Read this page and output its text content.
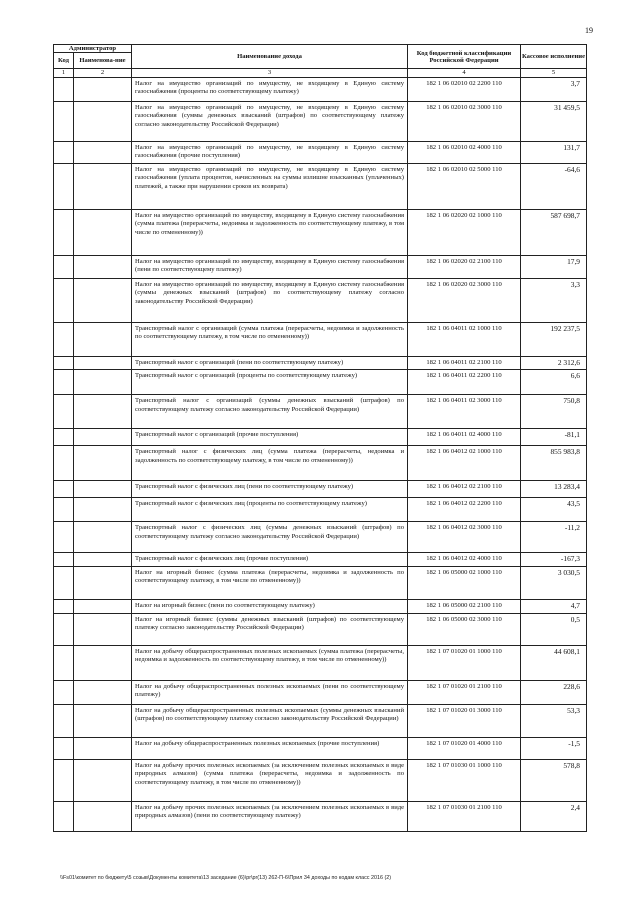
19
Администратор		Наименование дохода	Код бюджетной классификации Российской Федерации	Кассовое исполнение
Код	Наименова-ние			
1	2	3	4	5
		Налог на имущество организаций по имуществу, не входящему в Единую систему газоснабжения (проценты по соответствующему платежу)	182 1 06 02010 02 2200 110	3,7
		Налог на имущество организаций по имуществу, не входящему в Единую систему газоснабжения (суммы денежных взысканий (штрафов) по соответствующему платежу согласно законодательству Российской Федерации)	182 1 06 02010 02 3000 110	31 459,5
		Налог на имущество организаций по имуществу, не входящему в Единую систему газоснабжения (прочие поступления)	182 1 06 02010 02 4000 110	131,7
		Налог на имущество организаций по имуществу, не входящему в Единую систему газоснабжения (уплата процентов, начисленных на суммы излишне взысканных (уплаченных) платежей, а также при нарушении сроков их возврата)	182 1 06 02010 02 5000 110	-64,6
		Налог на имущество организаций по имуществу, входящему в Единую систему газоснабжения (сумма платежа (перерасчеты, недоимка и задолженность по соответствующему платежу, в том числе по отмененному))	182 1 06 02020 02 1000 110	587 698,7
		Налог на имущество организаций по имуществу, входящему в Единую систему газоснабжения (пени по соответствующему платежу)	182 1 06 02020 02 2100 110	17,9
		Налог на имущество организаций по имуществу, входящему в Единую систему газоснабжения (суммы денежных взысканий (штрафов) по соответствующему платежу согласно законодательству Российской Федерации)	182 1 06 02020 02 3000 110	3,3
		Транспортный налог с организаций (сумма платежа (перерасчеты, недоимка и задолженность по соответствующему платежу, в том числе по отмененному))	182 1 06 04011 02 1000 110	192 237,5
		Транспортный налог с организаций (пени по соответствующему платежу)	182 1 06 04011 02 2100 110	2 312,6
		Транспортный налог с организаций (проценты по соответствующему платежу)	182 1 06 04011 02 2200 110	6,6
		Транспортный налог с организаций (суммы денежных взысканий (штрафов) по соответствующему платежу согласно законодательству Российской Федерации)	182 1 06 04011 02 3000 110	750,8
		Транспортный налог с организаций (прочие поступления)	182 1 06 04011 02 4000 110	-81,1
		Транспортный налог с физических лиц (сумма платежа (перерасчеты, недоимка и задолженность по соответствующему платежу, в том числе по отмененному))	182 1 06 04012 02 1000 110	855 983,8
		Транспортный налог с физических лиц (пени по соответствующему платежу)	182 1 06 04012 02 2100 110	13 283,4
		Транспортный налог с физических лиц (проценты по соответствующему платежу)	182 1 06 04012 02 2200 110	43,5
		Транспортный налог с физических лиц (суммы денежных взысканий (штрафов) по соответствующему платежу согласно законодательству Российской Федерации)	182 1 06 04012 02 3000 110	-11,2
		Транспортный налог с физических лиц (прочие поступления)	182 1 06 04012 02 4000 110	-167,3
		Налог на игорный бизнес (сумма платежа (перерасчеты, недоимка и задолженность по соответствующему платежу, в том числе по отмененному))	182 1 06 05000 02 1000 110	3 030,5
		Налог на игорный бизнес (пени по соответствующему платежу)	182 1 06 05000 02 2100 110	4,7
		Налог на игорный бизнес (суммы денежных взысканий (штрафов) по соответствующему платежу согласно законодательству Российской Федерации)	182 1 06 05000 02 3000 110	0,5
		Налог на добычу общераспространенных полезных ископаемых (сумма платежа (перерасчеты, недоимка и задолженность по соответствующему платежу, в том числе по отмененному))	182 1 07 01020 01 1000 110	44 608,1
		Налог на добычу общераспространенных полезных ископаемых (пени по соответствующему платежу)	182 1 07 01020 01 2100 110	228,6
		Налог на добычу общераспространенных полезных ископаемых (суммы денежных взысканий (штрафов) по соответствующему платежу согласно законодательству Российской Федерации)	182 1 07 01020 01 3000 110	53,3
		Налог на добычу общераспространенных полезных ископаемых (прочие поступления)	182 1 07 01020 01 4000 110	-1,5
		Налог на добычу прочих полезных ископаемых (за исключением полезных ископаемых в виде природных алмазов) (сумма платежа (перерасчеты, недоимка и задолженность по соответствующему платежу, в том числе по отмененному))	182 1 07 01030 01 1000 110	578,8
		Налог на добычу прочих полезных ископаемых (за исключением полезных ископаемых в виде природных алмазов) (пени по соответствующему платежу)	182 1 07 01030 01 2100 110	2,4
\\Fs01\комитет по бюджету\5 созыв\Документы комитета\13 заседание (6)\pr\pr(13) 262-П-6\Прил 34 доходы по кодам класс 2016 (2)
